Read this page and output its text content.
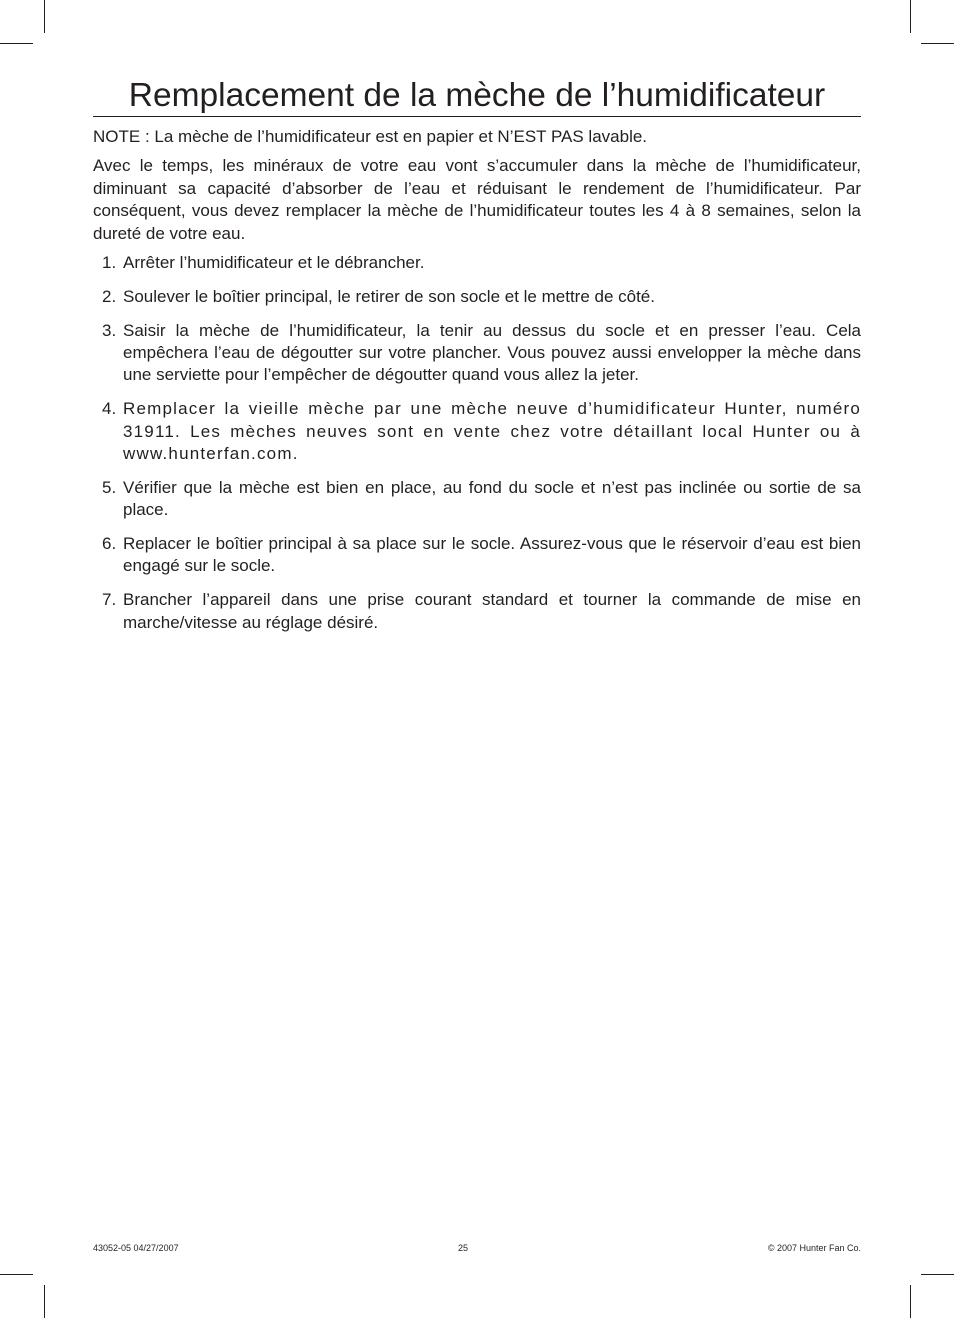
Remplacement de la mèche de l’humidificateur

NOTE : La mèche de l’humidificateur est en papier et N’EST PAS lavable.

Avec le temps, les minéraux de votre eau vont s’accumuler dans la mèche de l’humidificateur, diminuant sa capacité d’absorber de l’eau et réduisant le rendement de l’humidificateur. Par conséquent, vous devez remplacer la mèche de l’humidificateur toutes les 4 à 8 semaines, selon la dureté de votre eau.

1. Arrêter l’humidificateur et le débrancher.
2. Soulever le boîtier principal, le retirer de son socle et le mettre de côté.
3. Saisir la mèche de l’humidificateur, la tenir au dessus du socle et en presser l’eau. Cela empêchera l’eau de dégoutter sur votre plancher. Vous pouvez aussi envelopper la mèche dans une serviette pour l’empêcher de dégoutter quand vous allez la jeter.
4. Remplacer la vieille mèche par une mèche neuve d’humidificateur Hunter, numéro 31911. Les mèches neuves sont en vente chez votre détaillant local Hunter ou à www.hunterfan.com.
5. Vérifier que la mèche est bien en place, au fond du socle et n’est pas inclinée ou sortie de sa place.
6. Replacer le boîtier principal à sa place sur le socle. Assurez-vous que le réservoir d’eau est bien engagé sur le socle.
7. Brancher l’appareil dans une prise courant standard et tourner la commande de mise en marche/vitesse au réglage désiré.
43052-05 04/27/2007	25	© 2007 Hunter Fan Co.
